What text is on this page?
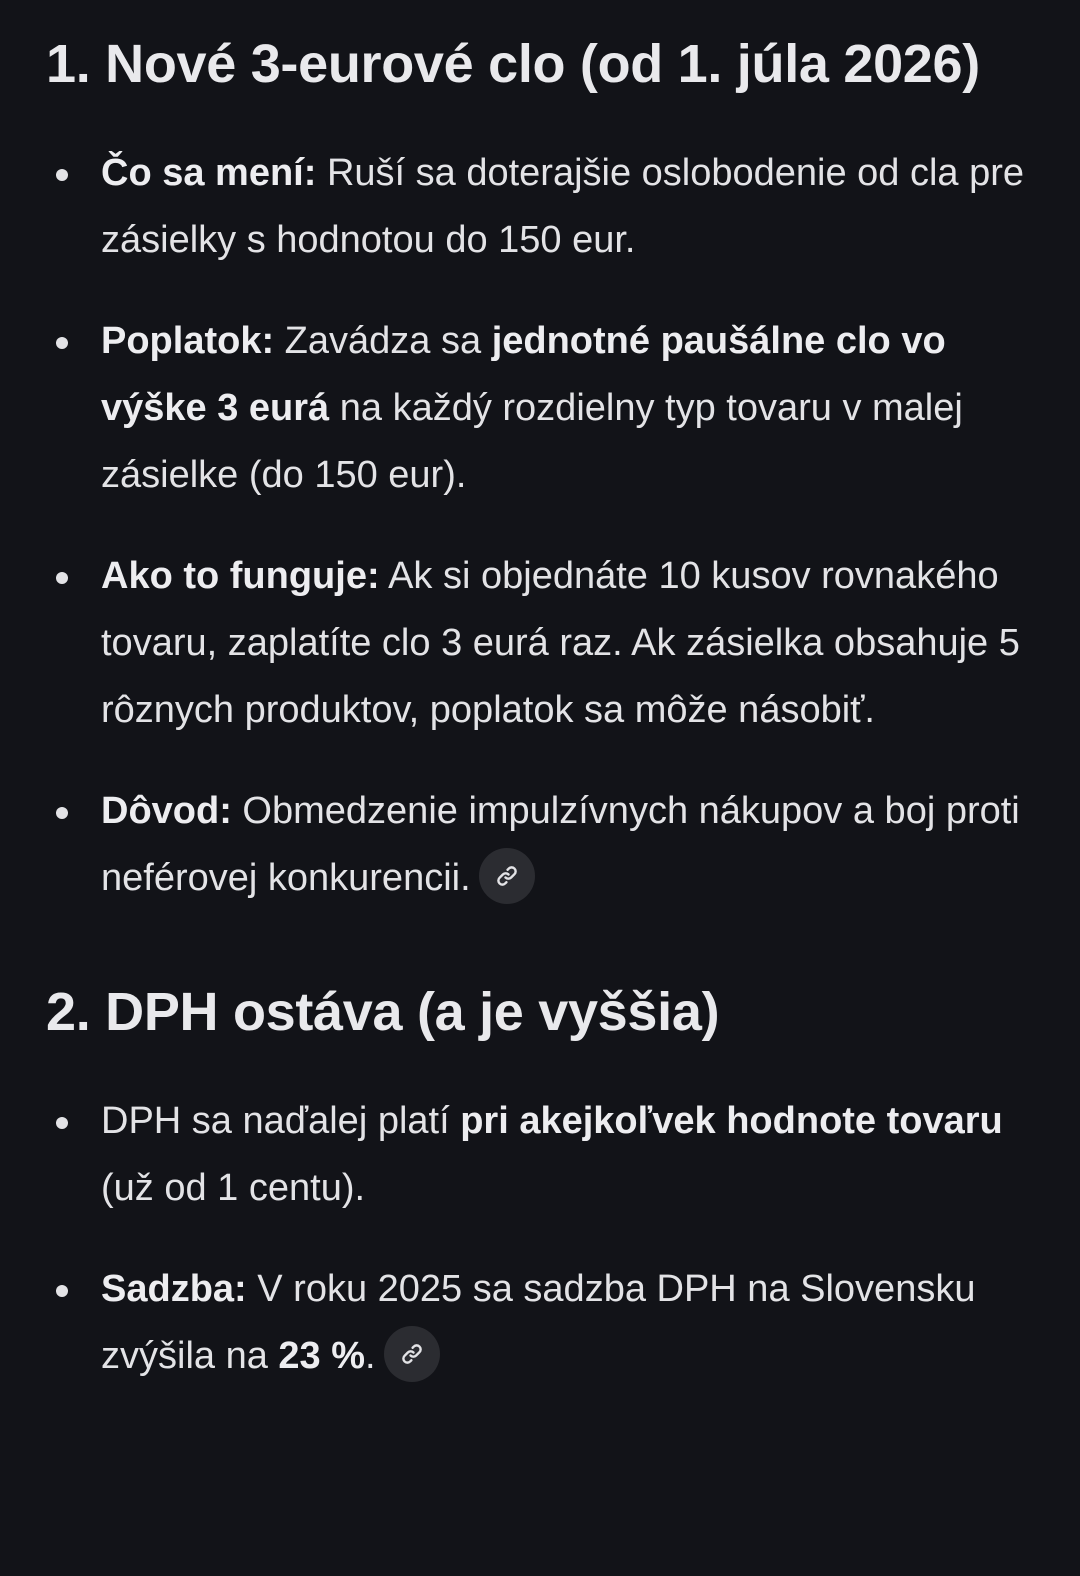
1. Nové 3-eurové clo (od 1. júla 2026)
Čo sa mení: Ruší sa doterajšie oslobodenie od cla pre zásielky s hodnotou do 150 eur.
Poplatok: Zavádza sa jednotné paušálne clo vo výške 3 eurá na každý rozdielny typ tovaru v malej zásielke (do 150 eur).
Ako to funguje: Ak si objednáte 10 kusov rovnakého tovaru, zaplatíte clo 3 eurá raz. Ak zásielka obsahuje 5 rôznych produktov, poplatok sa môže násobiť.
Dôvod: Obmedzenie impulzívnych nákupov a boj proti neférovej konkurencii.
2. DPH ostáva (a je vyššia)
DPH sa naďalej platí pri akejkoľvek hodnote tovaru (už od 1 centu).
Sadzba: V roku 2025 sa sadzba DPH na Slovensku zvýšila na 23 %.
